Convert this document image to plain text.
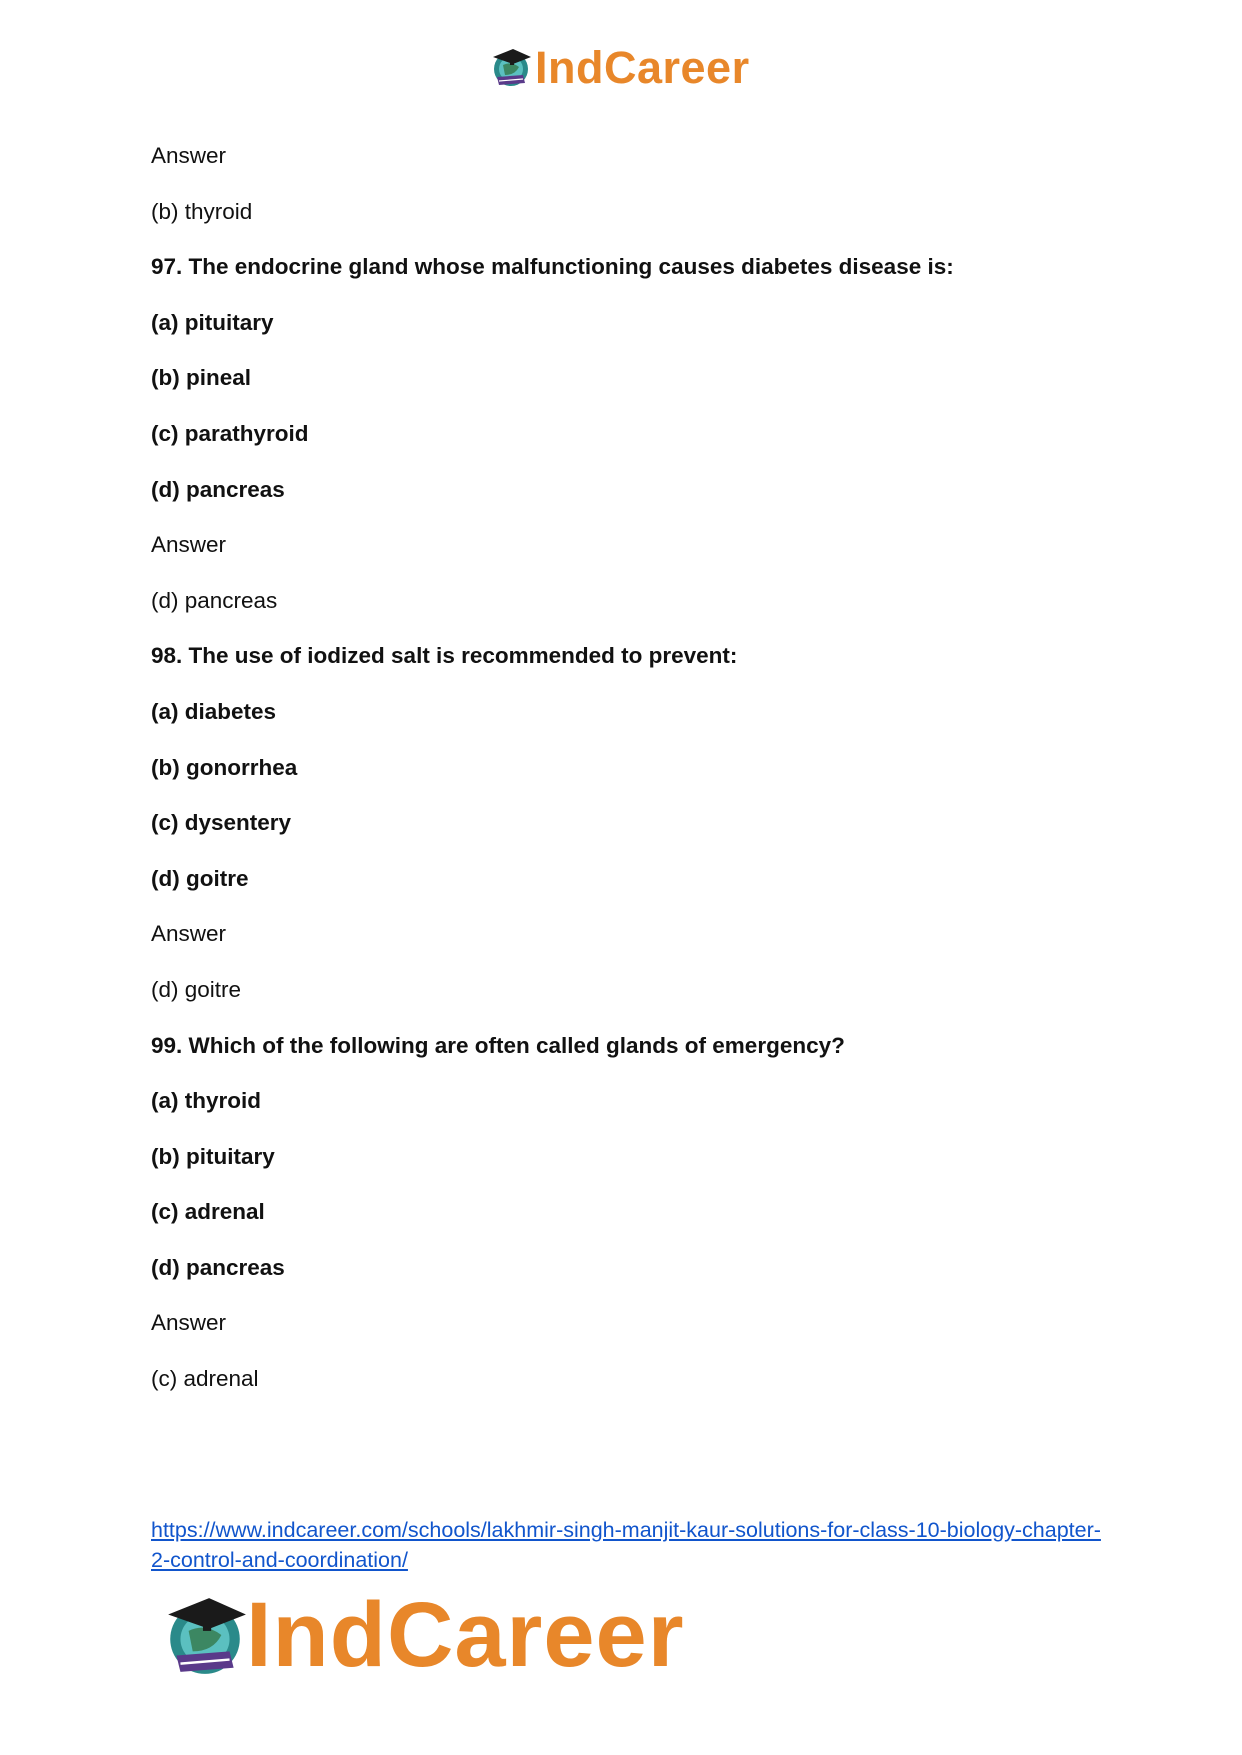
IndCareer
Answer
(b) thyroid
97. The endocrine gland whose malfunctioning causes diabetes disease is:
(a) pituitary
(b) pineal
(c) parathyroid
(d) pancreas
Answer
(d) pancreas
98. The use of iodized salt is recommended to prevent:
(a) diabetes
(b) gonorrhea
(c) dysentery
(d) goitre
Answer
(d) goitre
99. Which of the following are often called glands of emergency?
(a) thyroid
(b) pituitary
(c) adrenal
(d) pancreas
Answer
(c) adrenal
https://www.indcareer.com/schools/lakhmir-singh-manjit-kaur-solutions-for-class-10-biology-chapter-2-control-and-coordination/
IndCareer
